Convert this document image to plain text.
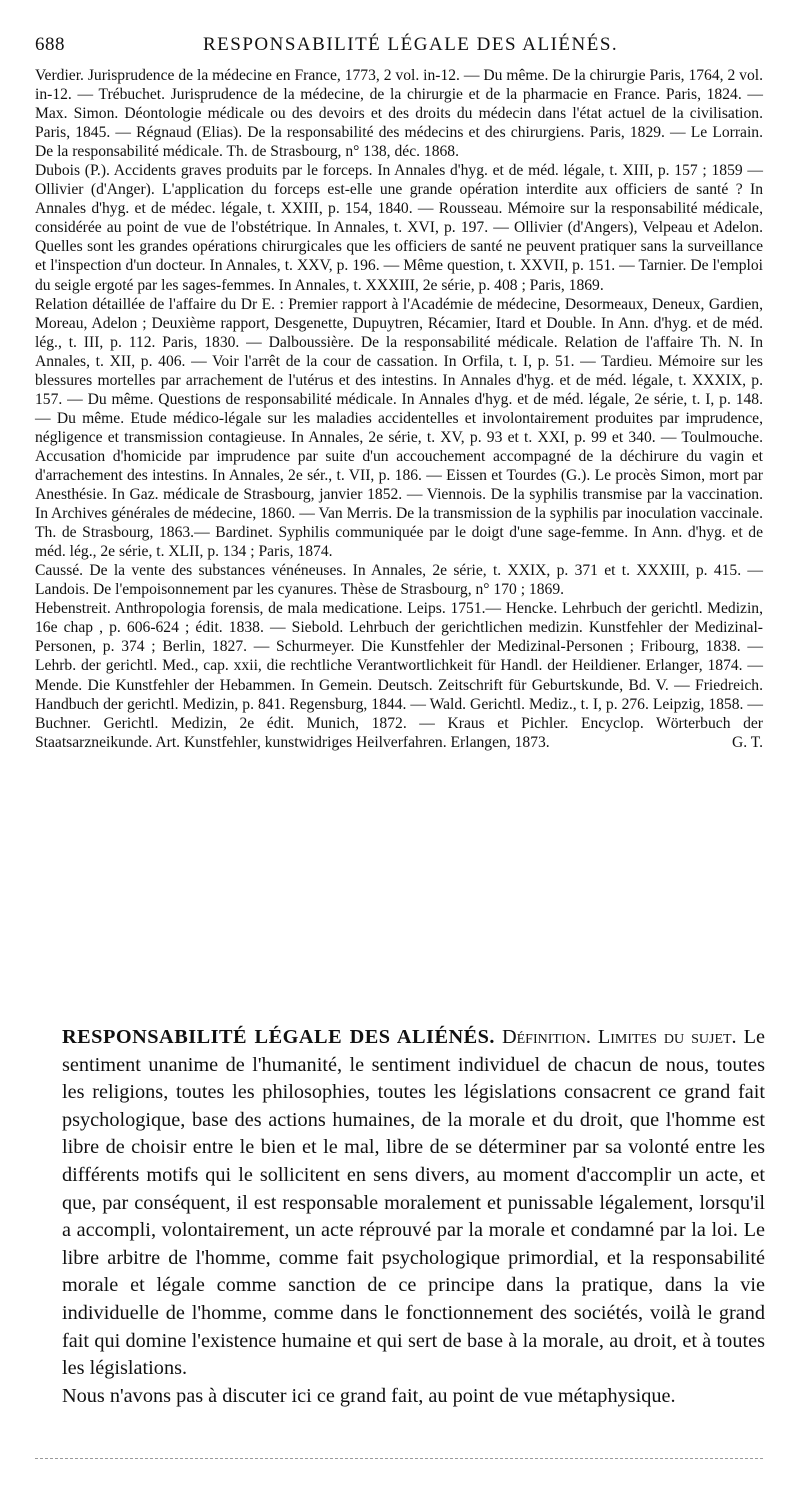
688	RESPONSABILITÉ LÉGALE DES ALIÉNÉS.

Verdier. Jurisprudence de la médecine en France, 1773, 2 vol. in-12. — Du même. De la chirurgie Paris, 1764, 2 vol. in-12. — Trébuchet. Jurisprudence de la médecine, de la chirurgie et de la pharmacie en France. Paris, 1824. — Max. Simon. Déontologie médicale ou des devoirs et des droits du médecin dans l'état actuel de la civilisation. Paris, 1845. — Régnaud (Elias). De la responsabilité des médecins et des chirurgiens. Paris, 1829. — Le Lorrain. De la responsabilité médicale. Th. de Strasbourg, n° 138, déc. 1868.

Dubois (P.). Accidents graves produits par le forceps. In Annales d'hyg. et de méd. légale, t. XIII, p. 157 ; 1859 — Ollivier (d'Anger). L'application du forceps est-elle une grande opération interdite aux officiers de santé ? In Annales d'hyg. et de médec. légale, t. XXIII, p. 154, 1840. — Rousseau. Mémoire sur la responsabilité médicale, considérée au point de vue de l'obstétrique. In Annales, t. XVI, p. 197. — Ollivier (d'Angers), Velpeau et Adelon. Quelles sont les grandes opérations chirurgicales que les officiers de santé ne peuvent pratiquer sans la surveillance et l'inspection d'un docteur. In Annales, t. XXV, p. 196. — Même question, t. XXVII, p. 151. — Tarnier. De l'emploi du seigle ergoté par les sages-femmes. In Annales, t. XXXIII, 2e série, p. 408 ; Paris, 1869.

Relation détaillée de l'affaire du Dr E. : Premier rapport à l'Académie de médecine, Desormeaux, Deneux, Gardien, Moreau, Adelon ; Deuxième rapport, Desgenette, Dupuytren, Récamier, Itard et Double. In Ann. d'hyg. et de méd. lég., t. III, p. 112. Paris, 1830. — Dalboussière. De la responsabilité médicale. Relation de l'affaire Th. N. In Annales, t. XII, p. 406. — Voir l'arrêt de la cour de cassation. In Orfila, t. I, p. 51. — Tardieu. Mémoire sur les blessures mortelles par arrachement de l'utérus et des intestins. In Annales d'hyg. et de méd. légale, t. XXXIX, p. 157. — Du même. Questions de responsabilité médicale. In Annales d'hyg. et de méd. légale, 2e série, t. I, p. 148. — Du même. Etude médico-légale sur les maladies accidentelles et involontairement produites par imprudence, négligence et transmission contagieuse. In Annales, 2e série, t. XV, p. 93 et t. XXI, p. 99 et 340. — Toulmouche. Accusation d'homicide par imprudence par suite d'un accouchement accompagné de la déchirure du vagin et d'arrachement des intestins. In Annales, 2e sér., t. VII, p. 186. — Eissen et Tourdes (G.). Le procès Simon, mort par Anesthésie. In Gaz. médicale de Strasbourg, janvier 1852. — Viennois. De la syphilis transmise par la vaccination. In Archives générales de médecine, 1860. — Van Merris. De la transmission de la syphilis par inoculation vaccinale. Th. de Strasbourg, 1863.— Bardinet. Syphilis communiquée par le doigt d'une sage-femme. In Ann. d'hyg. et de méd. lég., 2e série, t. XLII, p. 134 ; Paris, 1874.

Caussé. De la vente des substances vénéneuses. In Annales, 2e série, t. XXIX, p. 371 et t. XXXIII, p. 415. — Landois. De l'empoisonnement par les cyanures. Thèse de Strasbourg, n° 170 ; 1869.

Hebenstreit. Anthropologia forensis, de mala medicatione. Leips. 1751.— Hencke. Lehrbuch der gerichtl. Medizin, 16e chap , p. 606-624 ; édit. 1838. — Siebold. Lehrbuch der gerichtlichen medizin. Kunstfehler der Medizinal-Personen, p. 374 ; Berlin, 1827. — Schurmeyer. Die Kunstfehler der Medizinal-Personen ; Fribourg, 1838. — Lehrb. der gerichtl. Med., cap. xxii, die rechtliche Verantwortlichkeit für Handl. der Heildiener. Erlanger, 1874. — Mende. Die Kunstfehler der Hebammen. In Gemein. Deutsch. Zeitschrift für Geburtskunde, Bd. V. — Friedreich. Handbuch der gerichtl. Medizin, p. 841. Regensburg, 1844. — Wald. Gerichtl. Mediz., t. I, p. 276. Leipzig, 1858. — Buchner. Gerichtl. Medizin, 2e édit. Munich, 1872. — Kraus et Pichler. Encyclop. Wörterbuch der Staatsarzneikunde. Art. Kunstfehler, kunstwidriges Heilverfahren. Erlangen, 1873.	G. T.

RESPONSABILITÉ LÉGALE DES ALIÉNÉS. Définition. Limites du sujet. Le sentiment unanime de l'humanité, le sentiment individuel de chacun de nous, toutes les religions, toutes les philosophies, toutes les législations consacrent ce grand fait psychologique, base des actions humaines, de la morale et du droit, que l'homme est libre de choisir entre le bien et le mal, libre de se déterminer par sa volonté entre les différents motifs qui le sollicitent en sens divers, au moment d'accomplir un acte, et que, par conséquent, il est responsable moralement et punissable légalement, lorsqu'il a accompli, volontairement, un acte réprouvé par la morale et condamné par la loi. Le libre arbitre de l'homme, comme fait psychologique primordial, et la responsabilité morale et légale comme sanction de ce principe dans la pratique, dans la vie individuelle de l'homme, comme dans le fonctionnement des sociétés, voilà le grand fait qui domine l'existence humaine et qui sert de base à la morale, au droit, et à toutes les législations.

Nous n'avons pas à discuter ici ce grand fait, au point de vue métaphysique.
